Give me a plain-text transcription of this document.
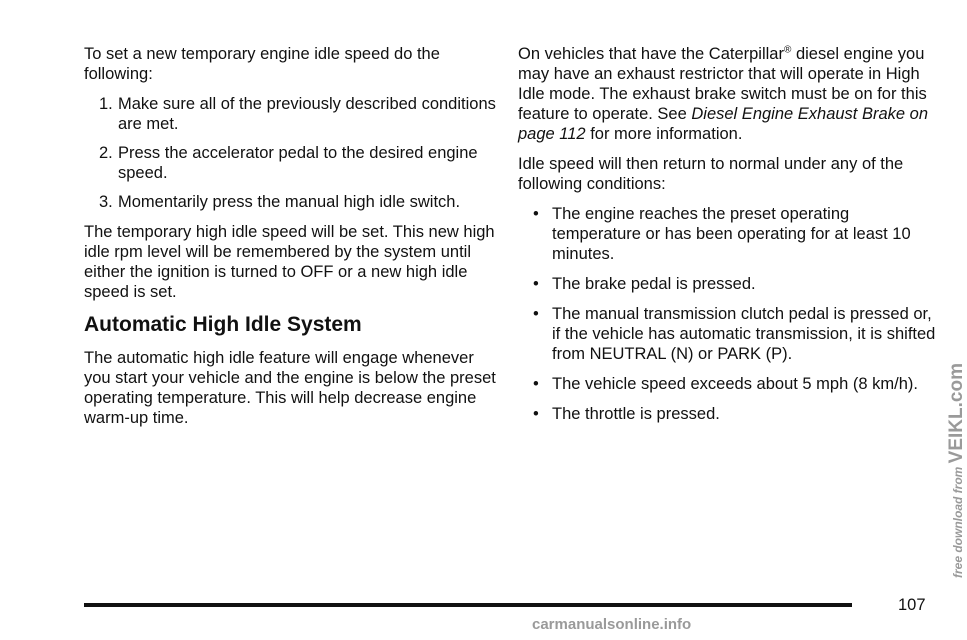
To set a new temporary engine idle speed do the following:

1. Make sure all of the previously described conditions are met.
2. Press the accelerator pedal to the desired engine speed.
3. Momentarily press the manual high idle switch.

The temporary high idle speed will be set. This new high idle rpm level will be remembered by the system until either the ignition is turned to OFF or a new high idle speed is set.

Automatic High Idle System

The automatic high idle feature will engage whenever you start your vehicle and the engine is below the preset operating temperature. This will help decrease engine warm-up time.

On vehicles that have the Caterpillar® diesel engine you may have an exhaust restrictor that will operate in High Idle mode. The exhaust brake switch must be on for this feature to operate. See Diesel Engine Exhaust Brake on page 112 for more information.

Idle speed will then return to normal under any of the following conditions:

• The engine reaches the preset operating temperature or has been operating for at least 10 minutes.
• The brake pedal is pressed.
• The manual transmission clutch pedal is pressed or, if the vehicle has automatic transmission, it is shifted from NEUTRAL (N) or PARK (P).
• The vehicle speed exceeds about 5 mph (8 km/h).
• The throttle is pressed.
107
carmanualsonline.info
free download from VEIKL.com
